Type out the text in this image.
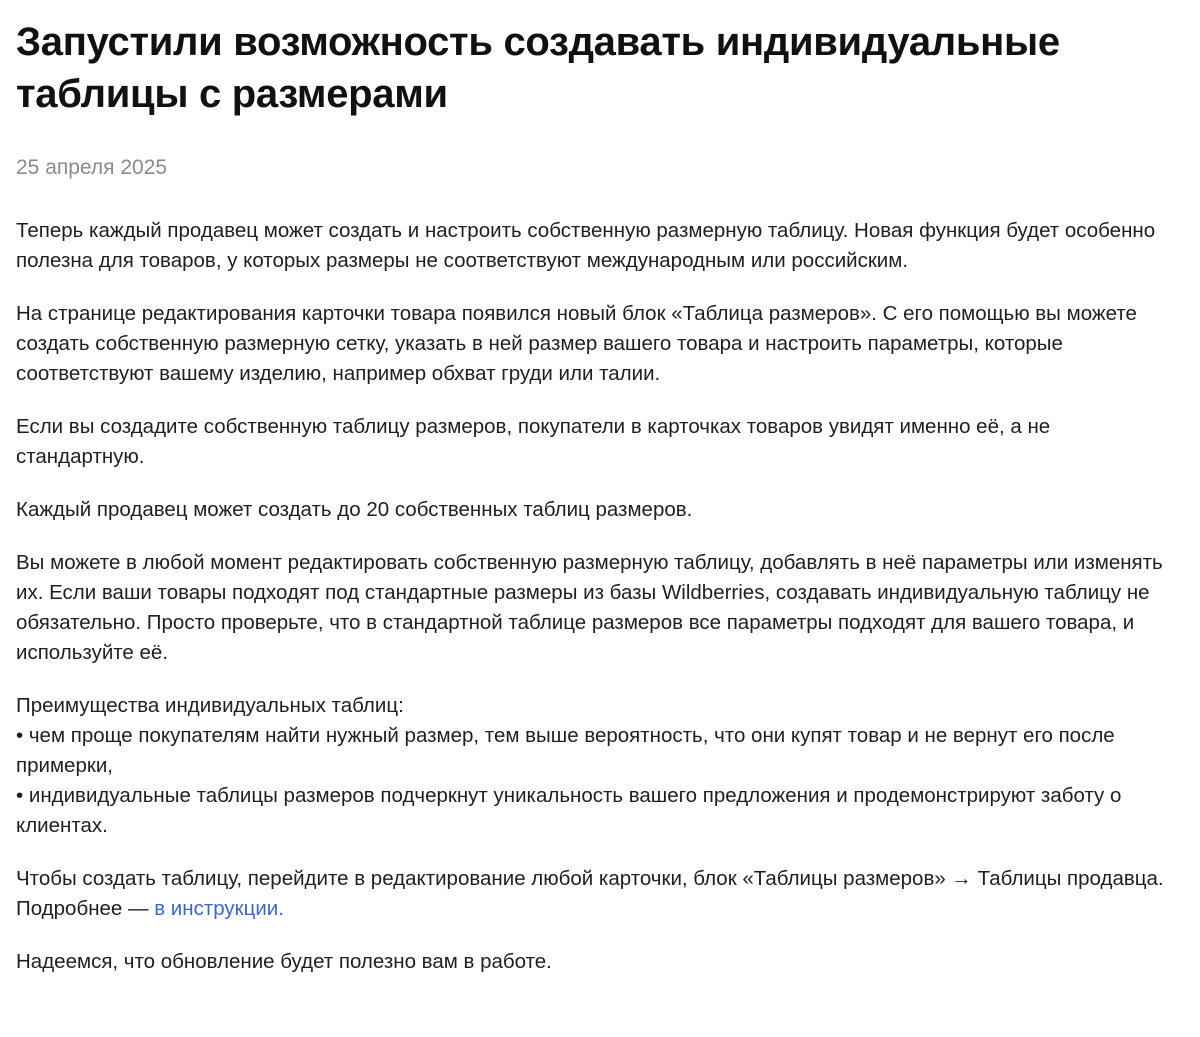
Запустили возможность создавать индивидуальные таблицы с размерами
25 апреля 2025

Теперь каждый продавец может создать и настроить собственную размерную таблицу. Новая функция будет особенно полезна для товаров, у которых размеры не соответствуют международным или российским.

На странице редактирования карточки товара появился новый блок «Таблица размеров». С его помощью вы можете создать собственную размерную сетку, указать в ней размер вашего товара и настроить параметры, которые соответствуют вашему изделию, например обхват груди или талии.

Если вы создадите собственную таблицу размеров, покупатели в карточках товаров увидят именно её, а не стандартную.

Каждый продавец может создать до 20 собственных таблиц размеров.

Вы можете в любой момент редактировать собственную размерную таблицу, добавлять в неё параметры или изменять их. Если ваши товары подходят под стандартные размеры из базы Wildberries, создавать индивидуальную таблицу не обязательно. Просто проверьте, что в стандартной таблице размеров все параметры подходят для вашего товара, и используйте её.

Преимущества индивидуальных таблиц:
• чем проще покупателям найти нужный размер, тем выше вероятность, что они купят товар и не вернут его после примерки,
• индивидуальные таблицы размеров подчеркнут уникальность вашего предложения и продемонстрируют заботу о клиентах.

Чтобы создать таблицу, перейдите в редактирование любой карточки, блок «Таблицы размеров» → Таблицы продавца. Подробнее — в инструкции.

Надеемся, что обновление будет полезно вам в работе.
